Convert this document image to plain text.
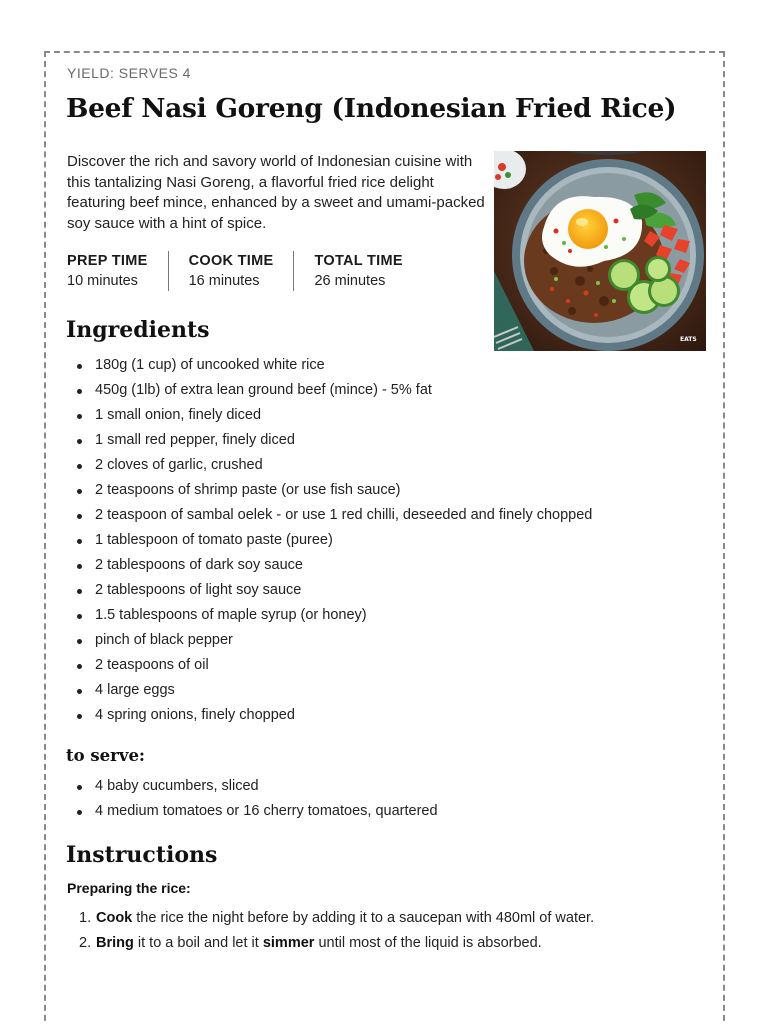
YIELD: SERVES 4
Beef Nasi Goreng (Indonesian Fried Rice)

Discover the rich and savory world of Indonesian cuisine with this tantalizing Nasi Goreng, a flavorful fried rice delight featuring beef mince, enhanced by a sweet and umami-packed soy sauce with a hint of spice.

EATS
PREP TIME
10 minutes
COOK TIME
16 minutes
TOTAL TIME
26 minutes
Ingredients
180g (1 cup) of uncooked white rice
450g (1lb) of extra lean ground beef (mince) - 5% fat
1 small onion, finely diced
1 small red pepper, finely diced
2 cloves of garlic, crushed
2 teaspoons of shrimp paste (or use fish sauce)
2 teaspoon of sambal oelek - or use 1 red chilli, deseeded and finely chopped
1 tablespoon of tomato paste (puree)
2 tablespoons of dark soy sauce
2 tablespoons of light soy sauce
1.5 tablespoons of maple syrup (or honey)
pinch of black pepper
2 teaspoons of oil
4 large eggs
4 spring onions, finely chopped
to serve:
4 baby cucumbers, sliced
4 medium tomatoes or 16 cherry tomatoes, quartered
Instructions
Preparing the rice:
1. Cook the rice the night before by adding it to a saucepan with 480ml of water.
2. Bring it to a boil and let it simmer until most of the liquid is absorbed.
